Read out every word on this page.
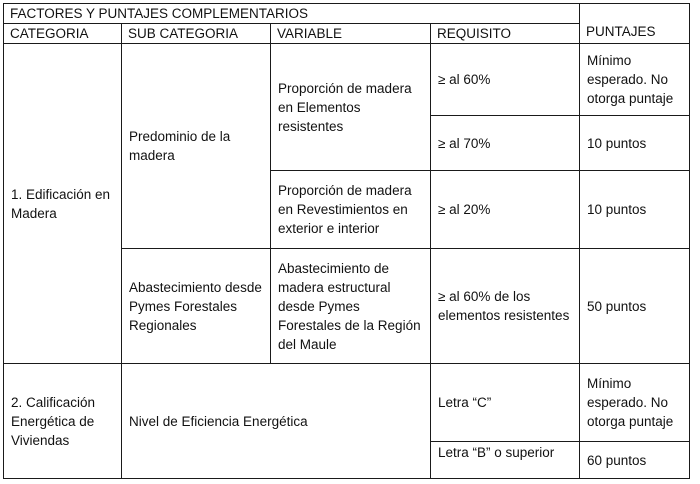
FACTORES Y PUNTAJES COMPLEMENTARIOS				PUNTAJES
CATEGORIA	SUB CATEGORIA	VARIABLE	REQUISITO	

1. Edificación en Madera	Predominio de la madera	Proporción de madera en Elementos resistentes	≥ al 60%	Mínimo esperado. No otorga puntaje
			≥ al 70%	10 puntos
		Proporción de madera en Revestimientos en exterior e interior	≥ al 20%	10 puntos
	Abastecimiento desde Pymes Forestales Regionales	Abastecimiento de madera estructural desde Pymes Forestales de la Región del Maule	≥ al 60% de los elementos resistentes	50 puntos

2. Calificación Energética de Viviendas	Nivel de Eficiencia Energética		Letra “C”	Mínimo esperado. No otorga puntaje
			Letra “B” o superior	60 puntos
